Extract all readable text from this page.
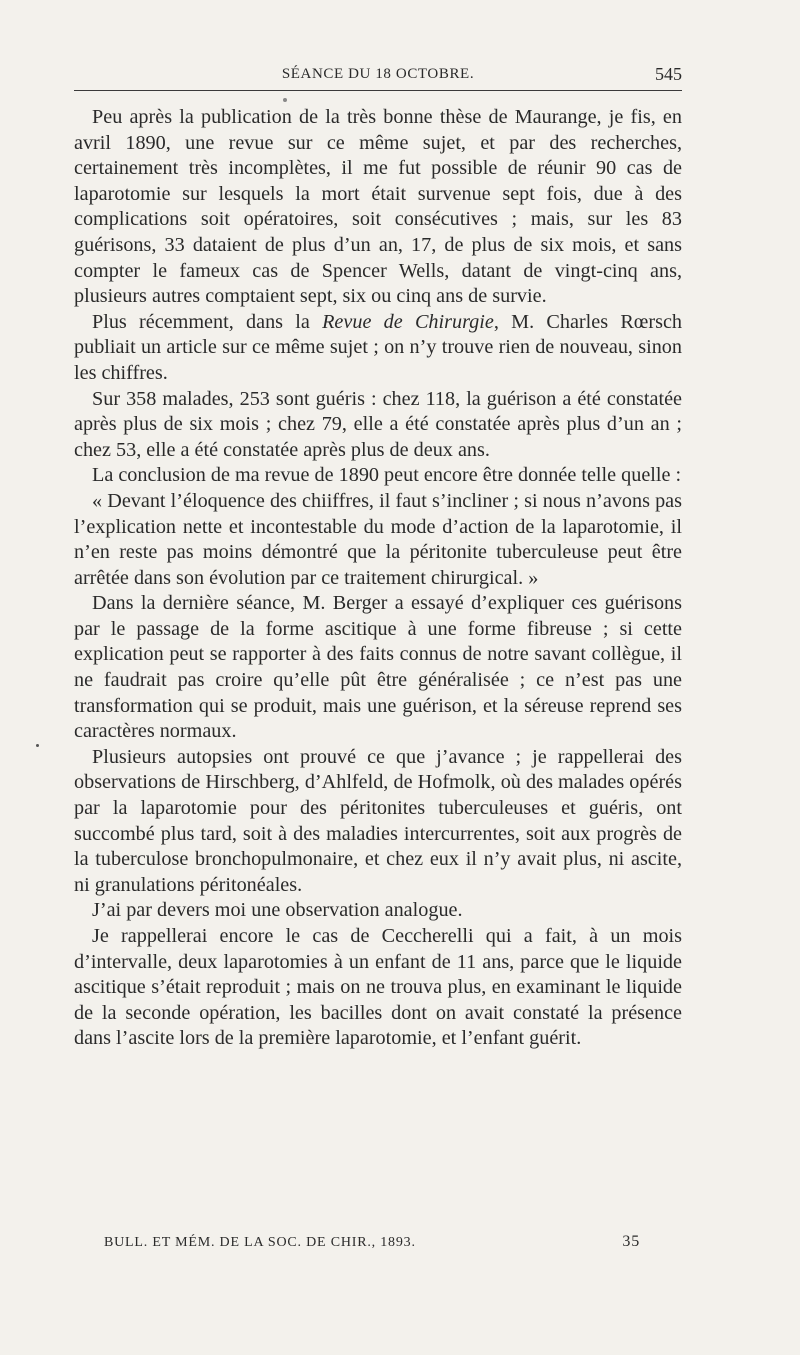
SÉANCE DU 18 OCTOBRE.	545

Peu après la publication de la très bonne thèse de Maurange, je fis, en avril 1890, une revue sur ce même sujet, et par des recherches, certainement très incomplètes, il me fut possible de réunir 90 cas de laparotomie sur lesquels la mort était survenue sept fois, due à des complications soit opératoires, soit consécutives ; mais, sur les 83 guérisons, 33 dataient de plus d’un an, 17, de plus de six mois, et sans compter le fameux cas de Spencer Wells, datant de vingt-cinq ans, plusieurs autres comptaient sept, six ou cinq ans de survie.

Plus récemment, dans la Revue de Chirurgie, M. Charles Rœrsch publiait un article sur ce même sujet ; on n’y trouve rien de nouveau, sinon les chiffres.

Sur 358 malades, 253 sont guéris : chez 118, la guérison a été constatée après plus de six mois ; chez 79, elle a été constatée après plus d’un an ; chez 53, elle a été constatée après plus de deux ans.

La conclusion de ma revue de 1890 peut encore être donnée telle quelle :

« Devant l’éloquence des chiiffres, il faut s’incliner ; si nous n’avons pas l’explication nette et incontestable du mode d’action de la laparotomie, il n’en reste pas moins démontré que la péritonite tuberculeuse peut être arrêtée dans son évolution par ce traitement chirurgical. »

Dans la dernière séance, M. Berger a essayé d’expliquer ces guérisons par le passage de la forme ascitique à une forme fibreuse ; si cette explication peut se rapporter à des faits connus de notre savant collègue, il ne faudrait pas croire qu’elle pût être généralisée ; ce n’est pas une transformation qui se produit, mais une guérison, et la séreuse reprend ses caractères normaux.

Plusieurs autopsies ont prouvé ce que j’avance ; je rappellerai des observations de Hirschberg, d’Ahlfeld, de Hofmolk, où des malades opérés par la laparotomie pour des péritonites tuberculeuses et guéris, ont succombé plus tard, soit à des maladies intercurrentes, soit aux progrès de la tuberculose bronchopulmonaire, et chez eux il n’y avait plus, ni ascite, ni granulations péritonéales.

J’ai par devers moi une observation analogue.

Je rappellerai encore le cas de Ceccherelli qui a fait, à un mois d’intervalle, deux laparotomies à un enfant de 11 ans, parce que le liquide ascitique s’était reproduit ; mais on ne trouva plus, en examinant le liquide de la seconde opération, les bacilles dont on avait constaté la présence dans l’ascite lors de la première laparotomie, et l’enfant guérit.

BULL. ET MÉM. DE LA SOC. DE CHIR., 1893.	35
